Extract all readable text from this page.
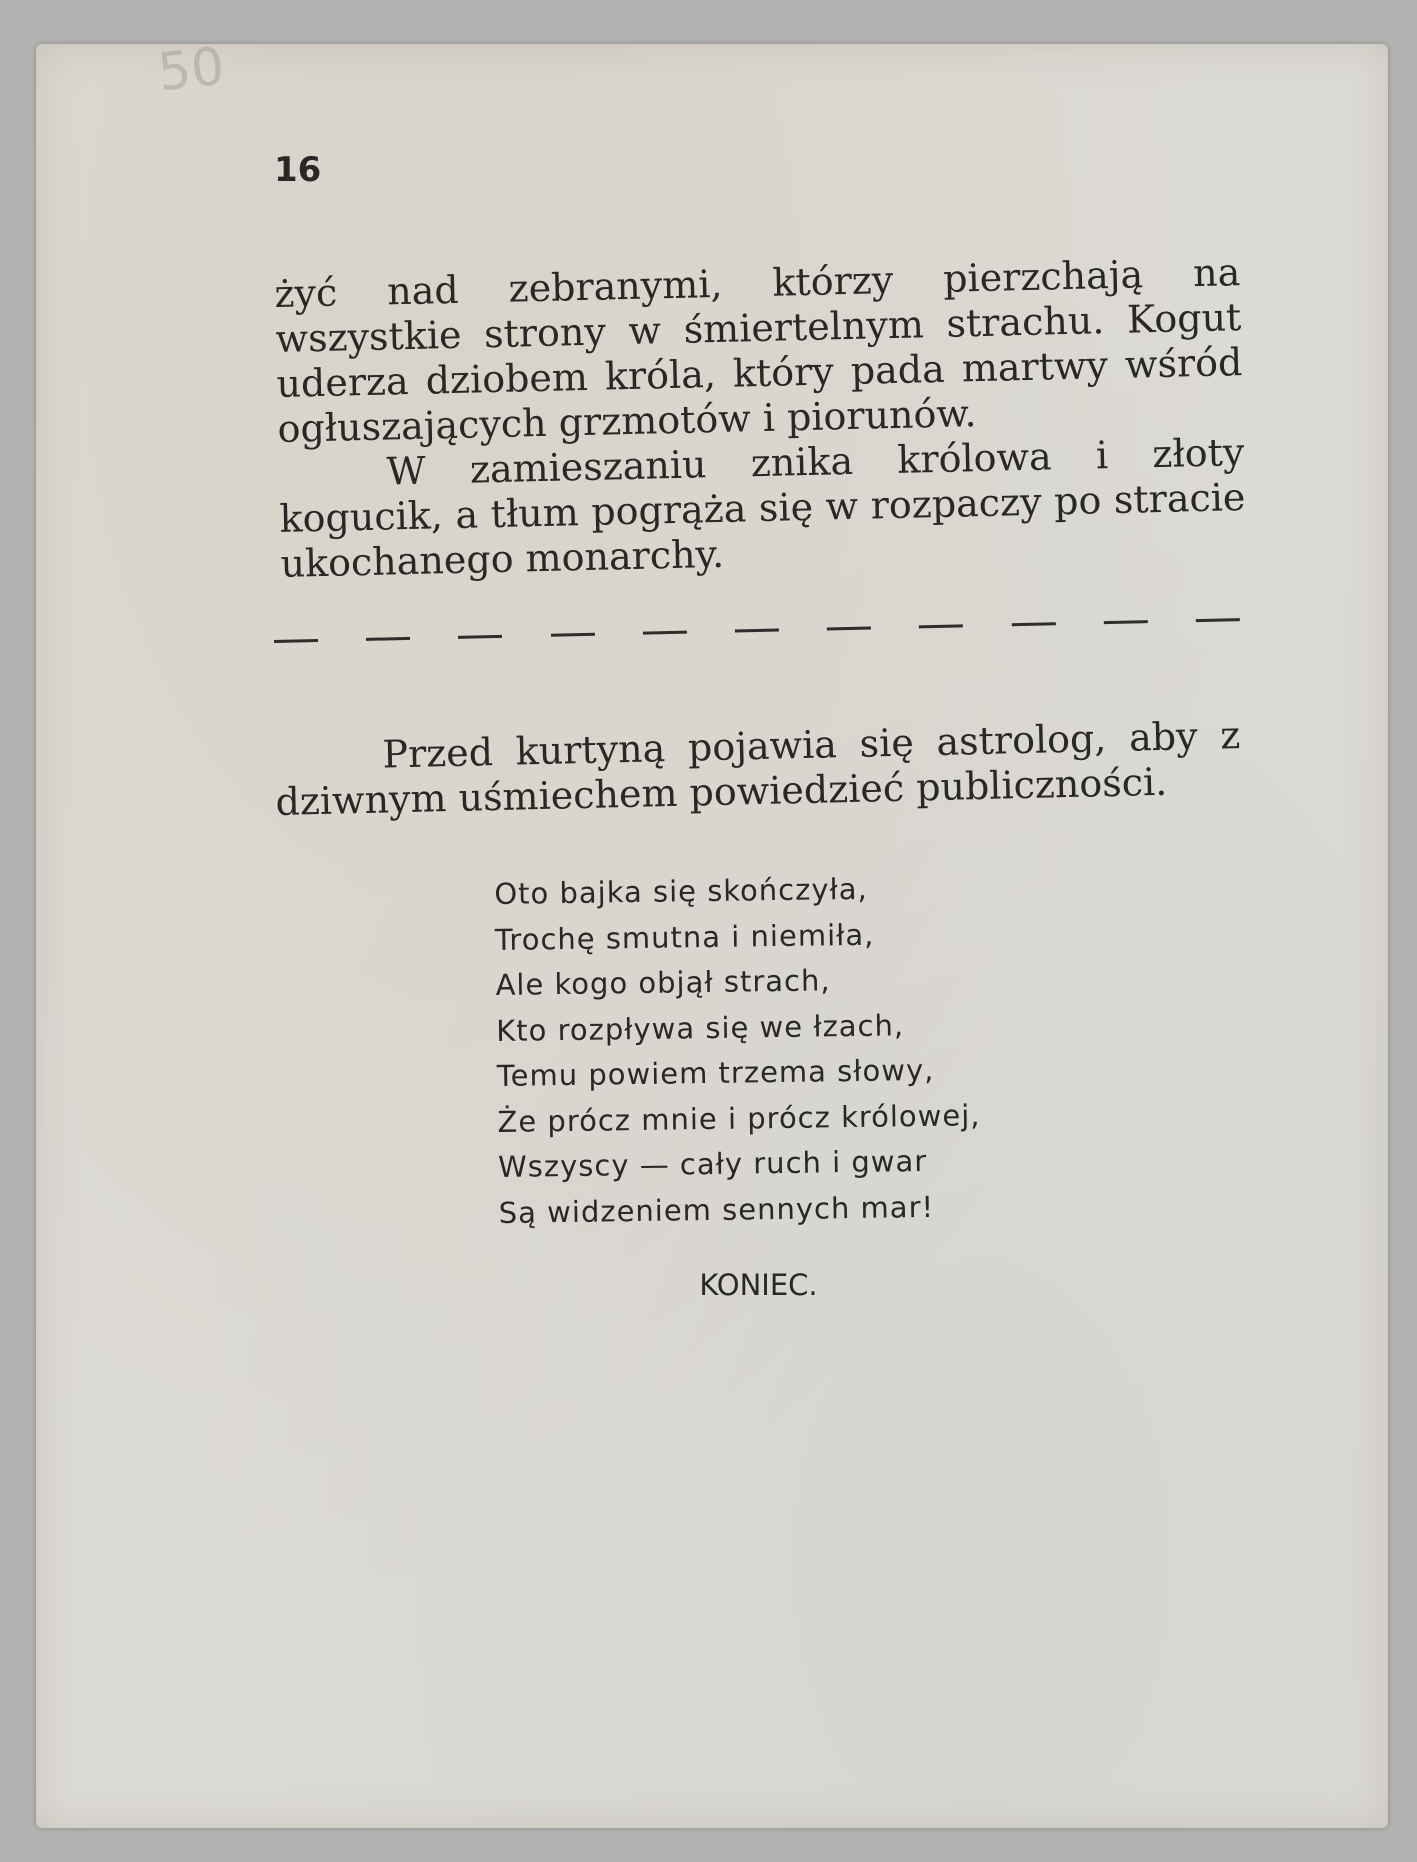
50
16

żyć nad zebranymi, którzy pierzchają na wszystkie strony w śmiertelnym strachu. Kogut uderza dziobem króla, który pada martwy wśród ogłuszających grzmotów i piorunów.

W zamieszaniu znika królowa i złoty kogucik, a tłum pogrąża się w rozpaczy po stracie ukochanego monarchy.

Przed kurtyną pojawia się astrolog, aby z dziwnym uśmiechem powiedzieć publiczności.

Oto bajka się skończyła,
Trochę smutna i niemiła,
Ale kogo objął strach,
Kto rozpływa się we łzach,
Temu powiem trzema słowy,
Że prócz mnie i prócz królowej,
Wszyscy — cały ruch i gwar
Są widzeniem sennych mar!
KONIEC.
